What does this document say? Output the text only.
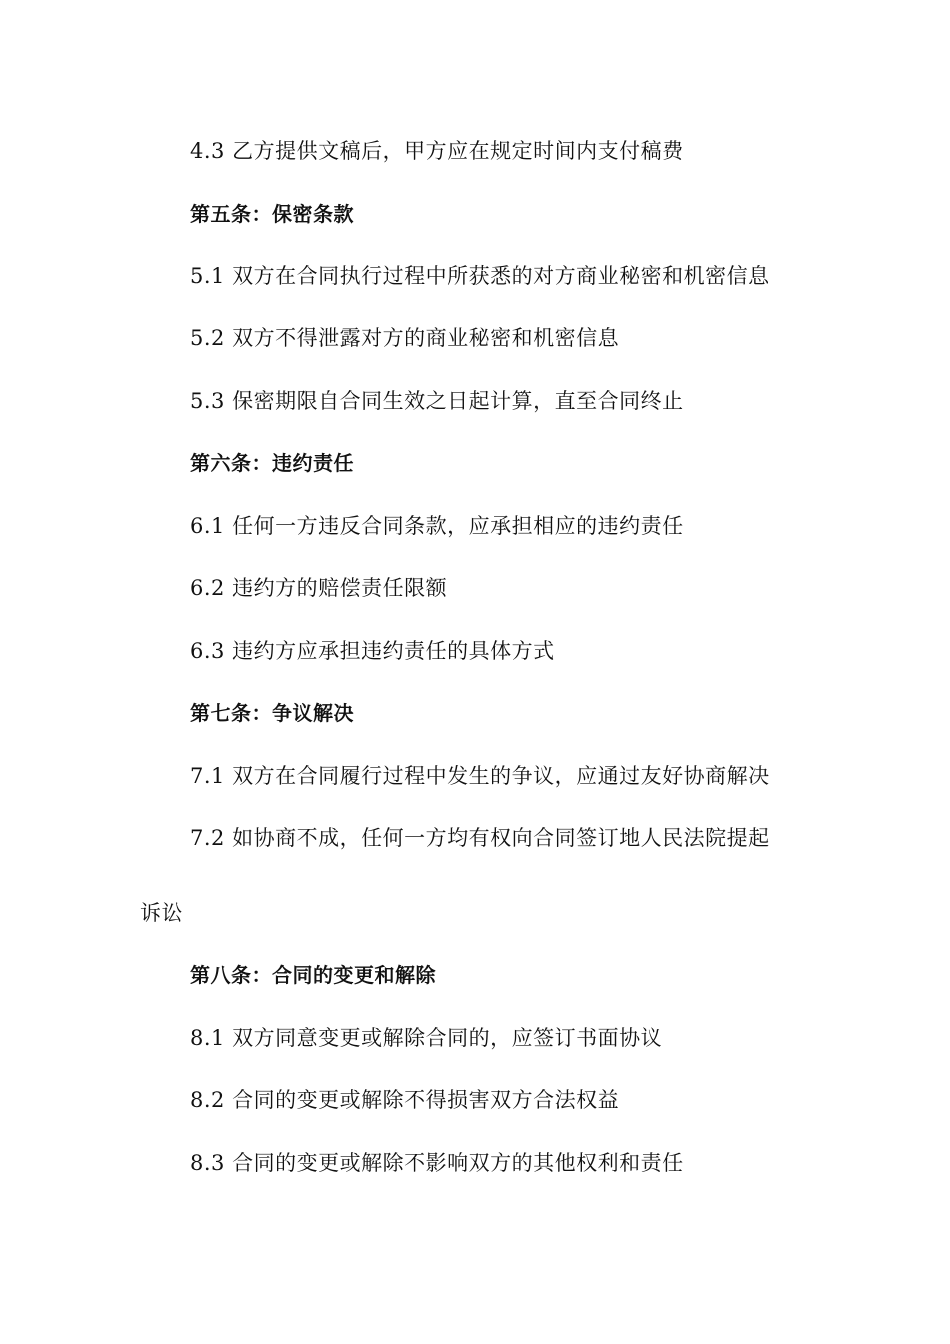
4.3 乙方提供文稿后，甲方应在规定时间内支付稿费
第五条：保密条款
5.1 双方在合同执行过程中所获悉的对方商业秘密和机密信息
5.2 双方不得泄露对方的商业秘密和机密信息
5.3 保密期限自合同生效之日起计算，直至合同终止
第六条：违约责任
6.1 任何一方违反合同条款，应承担相应的违约责任
6.2 违约方的赔偿责任限额
6.3 违约方应承担违约责任的具体方式
第七条：争议解决
7.1 双方在合同履行过程中发生的争议，应通过友好协商解决
7.2 如协商不成，任何一方均有权向合同签订地人民法院提起
诉讼
第八条：合同的变更和解除
8.1 双方同意变更或解除合同的，应签订书面协议
8.2 合同的变更或解除不得损害双方合法权益
8.3 合同的变更或解除不影响双方的其他权利和责任
